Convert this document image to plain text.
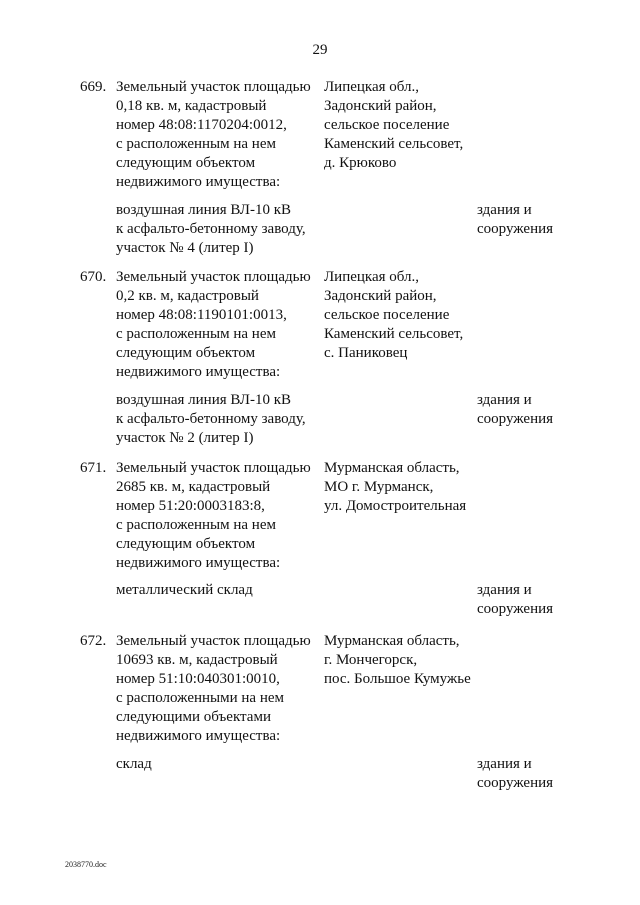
29
669. Земельный участок площадью
0,18 кв. м, кадастровый
номер 48:08:1170204:0012,
с расположенным на нем
следующим объектом
недвижимого имущества:
Липецкая обл.,
Задонский район,
сельское поселение
Каменский сельсовет,
д. Крюково
воздушная линия ВЛ-10 кВ
к асфальто-бетонному заводу,
участок № 4 (литер I)
здания и
сооружения
670. Земельный участок площадью
0,2 кв. м, кадастровый
номер 48:08:1190101:0013,
с расположенным на нем
следующим объектом
недвижимого имущества:
Липецкая обл.,
Задонский район,
сельское поселение
Каменский сельсовет,
с. Паниковец
воздушная линия ВЛ-10 кВ
к асфальто-бетонному заводу,
участок № 2 (литер I)
здания и
сооружения
671. Земельный участок площадью
2685 кв. м, кадастровый
номер 51:20:0003183:8,
с расположенным на нем
следующим объектом
недвижимого имущества:
Мурманская область,
МО г. Мурманск,
ул. Домостроительная
металлический склад	здания и
сооружения
672. Земельный участок площадью
10693 кв. м, кадастровый
номер 51:10:040301:0010,
с расположенными на нем
следующими объектами
недвижимого имущества:
Мурманская область,
г. Мончегорск,
пос. Большое Кумужье
склад	здания и
сооружения
2038770.doc
